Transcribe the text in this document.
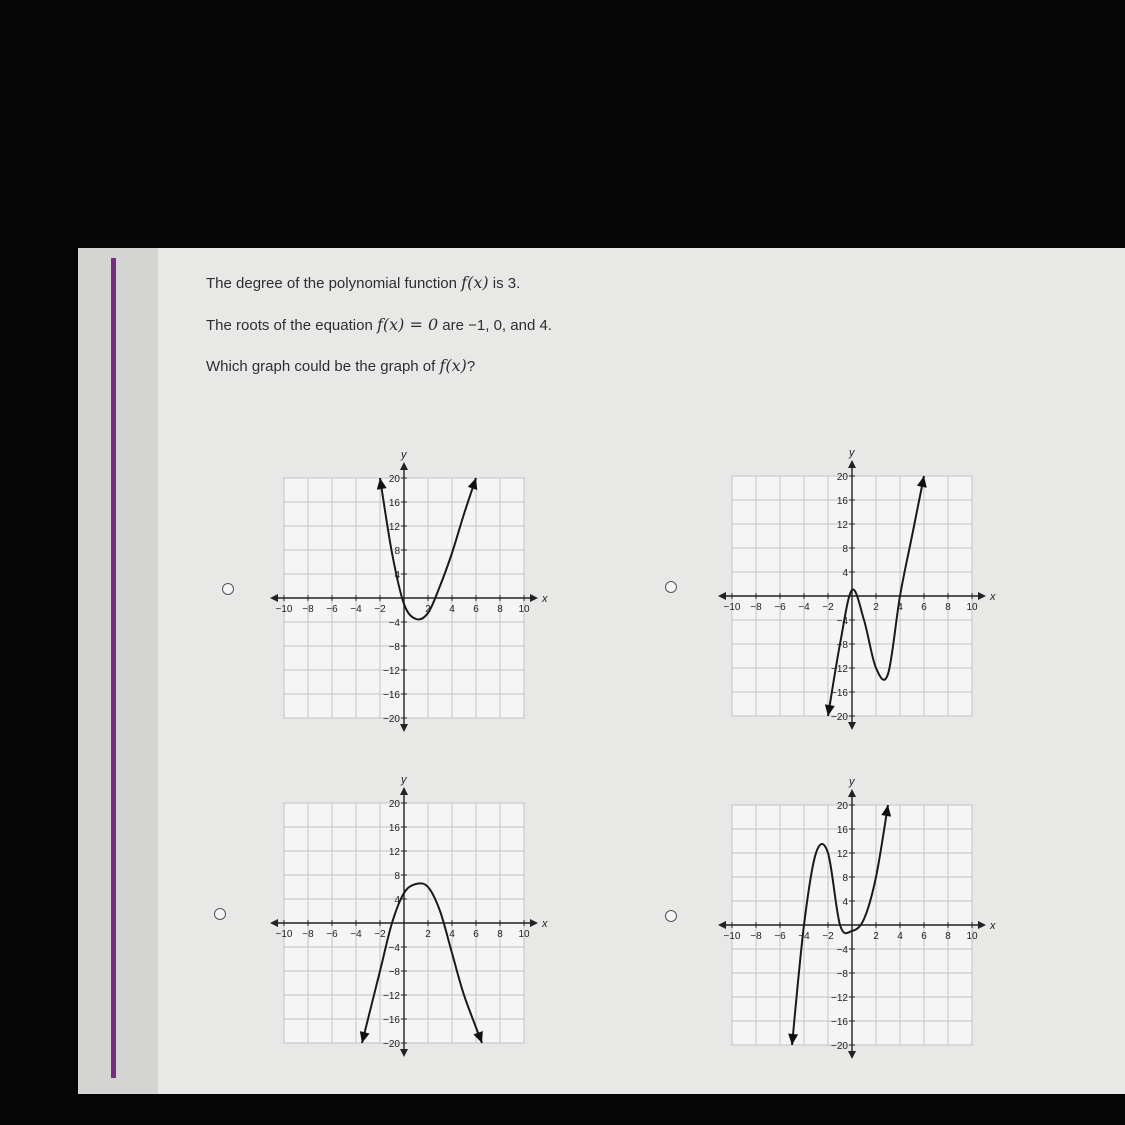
The degree of the polynomial function f(x) is 3.
The roots of the equation f(x) = 0 are −1, 0, and 4.
Which graph could be the graph of f(x)?
x
y
−10 −8 −6 −4 −2	2 4 6 8 10
20
16
12
8
4
−4
−8
−12
−16
−20
x
y
−10 −8 −6 −4 −2	2 4 6 8 10
20
16
12
8
4
−4
−8
−12
−16
−20
x
y
−10 −8 −6 −4 −2	2 4 6 8 10
20
16
12
8
4
−4
−8
−12
−16
−20
x
y
−10 −8 −6 −4 −2	2 4 6 8 10
20
16
12
8
4
−4
−8
−12
−16
−20
